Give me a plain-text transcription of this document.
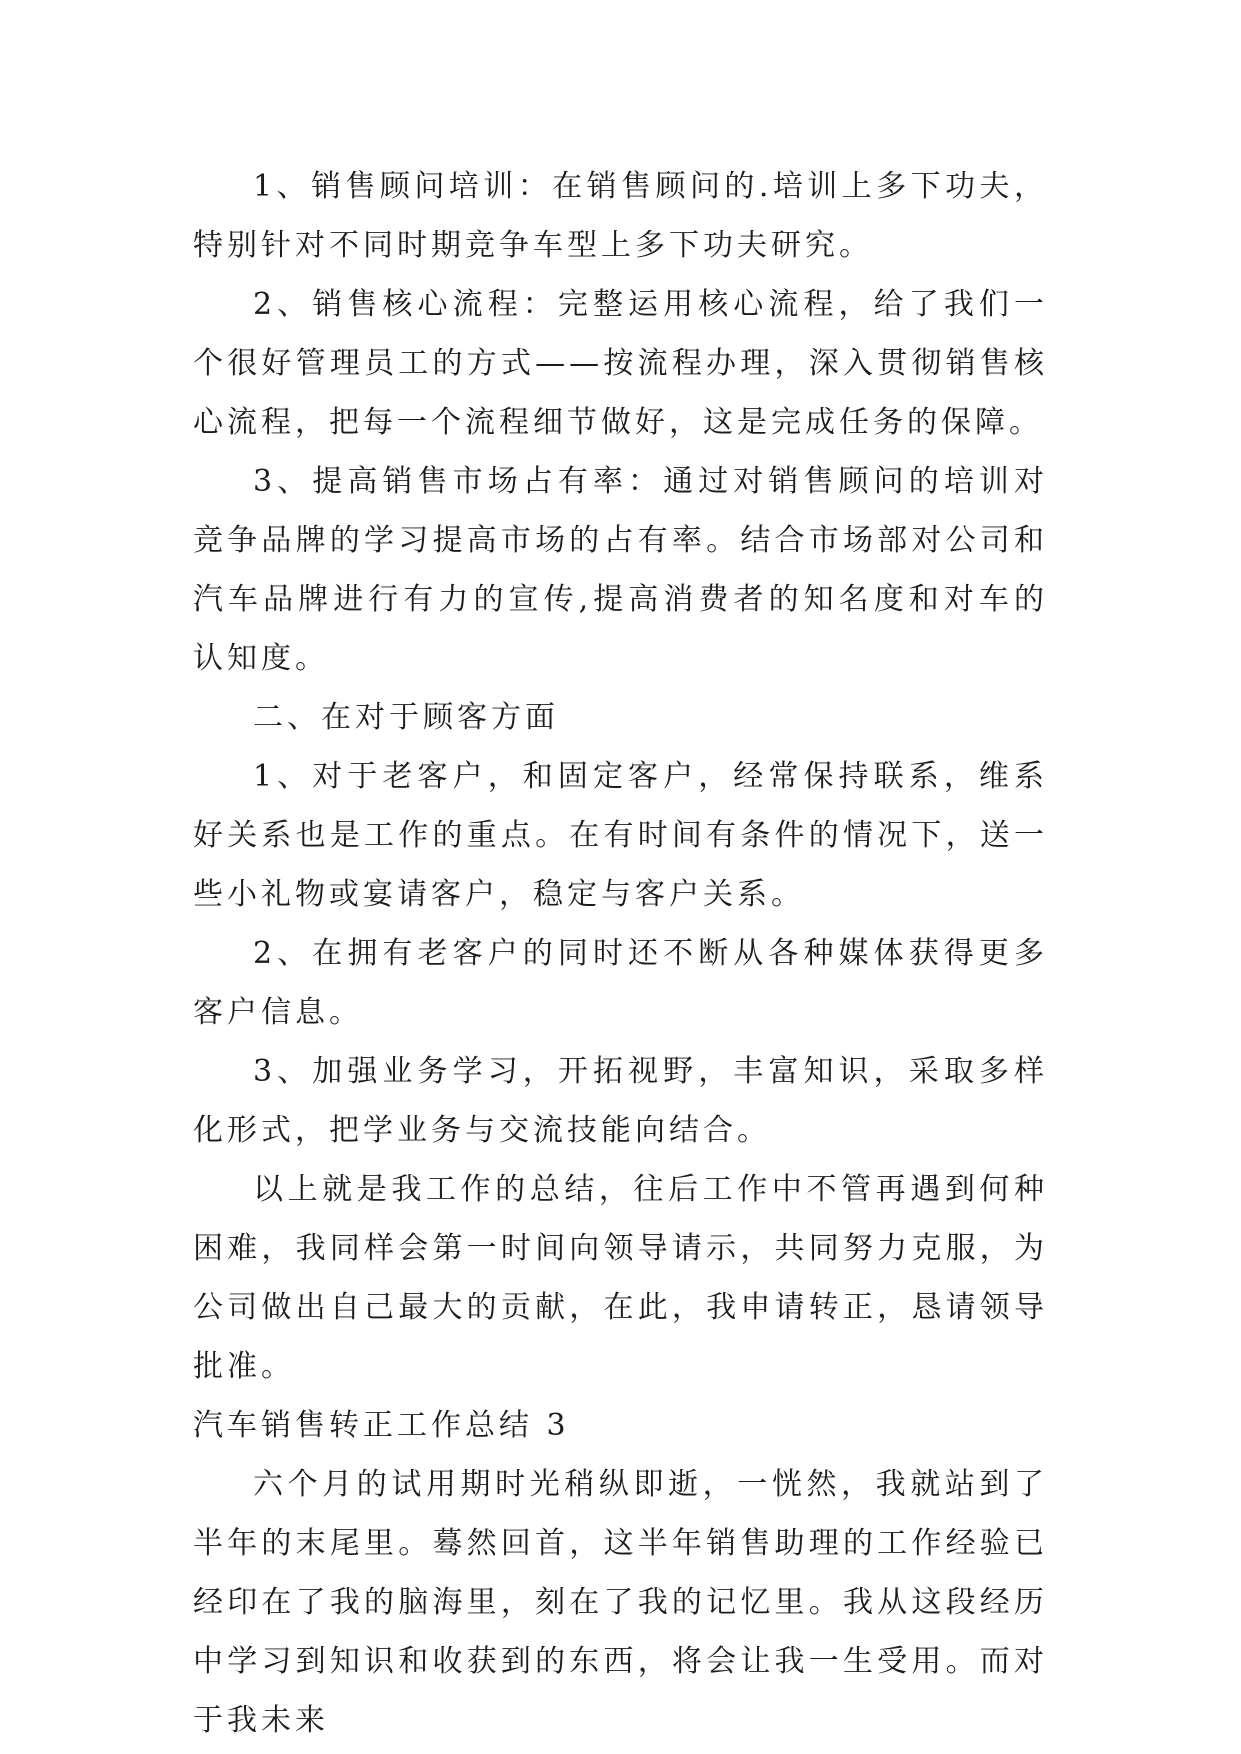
1、销售顾问培训：在销售顾问的.培训上多下功夫，特别针对不同时期竞争车型上多下功夫研究。

2、销售核心流程：完整运用核心流程，给了我们一个很好管理员工的方式——按流程办理，深入贯彻销售核心流程，把每一个流程细节做好，这是完成任务的保障。

3、提高销售市场占有率：通过对销售顾问的培训对竞争品牌的学习提高市场的占有率。结合市场部对公司和汽车品牌进行有力的宣传,提高消费者的知名度和对车的认知度。

二、在对于顾客方面

1、对于老客户，和固定客户，经常保持联系，维系好关系也是工作的重点。在有时间有条件的情况下，送一些小礼物或宴请客户，稳定与客户关系。

2、在拥有老客户的同时还不断从各种媒体获得更多客户信息。

3、加强业务学习，开拓视野，丰富知识，采取多样化形式，把学业务与交流技能向结合。

以上就是我工作的总结，往后工作中不管再遇到何种困难，我同样会第一时间向领导请示，共同努力克服，为公司做出自己最大的贡献，在此，我申请转正，恳请领导批准。

汽车销售转正工作总结 3

六个月的试用期时光稍纵即逝，一恍然，我就站到了半年的末尾里。蓦然回首，这半年销售助理的工作经验已经印在了我的脑海里，刻在了我的记忆里。我从这段经历中学习到知识和收获到的东西，将会让我一生受用。而对于我未来
